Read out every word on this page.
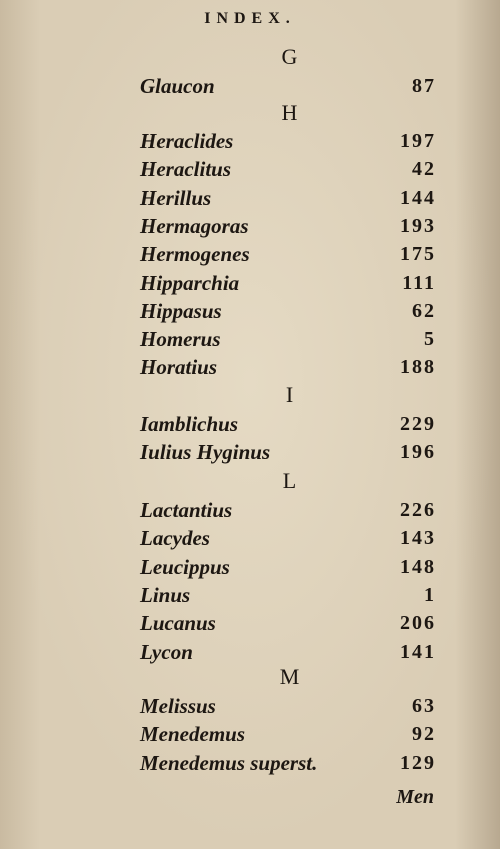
INDEX.
G
Glaucon	87
H
Heraclides	197
Heraclitus	42
Herillus	144
Hermagoras	193
Hermogenes	175
Hipparchia	111
Hippasus	62
Homerus	5
Horatius	188
I
Iamblichus	229
Iulius Hyginus	196
L
Lactantius	226
Lacydes	143
Leucippus	148
Linus	1
Lucanus	206
Lycon	141
M
Melissus	63
Menedemus	92
Menedemus superst.	129
Men
